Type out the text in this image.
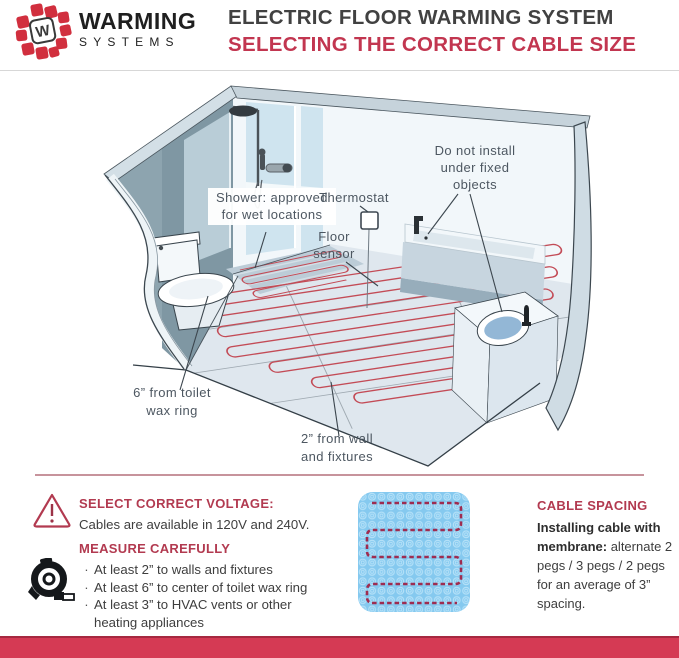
W WARMING
SYSTEMS
ELECTRIC FLOOR WARMING SYSTEM
SELECTING THE CORRECT CABLE SIZE
Shower: approved
for wet locations
Thermostat
Floor
sensor
Do not install
under fixed
objects
6” from toilet
wax ring
2” from wall
and fixtures
SELECT CORRECT VOLTAGE:
Cables are available in 120V and 240V.
MEASURE CAREFULLY
· At least 2” to walls and fixtures
· At least 6” to center of toilet wax ring
· At least 3” to HVAC vents or other heating appliances
CABLE SPACING

Installing cable with membrane: alternate 2 pegs / 3 pegs / 2 pegs for an average of 3” spacing.
